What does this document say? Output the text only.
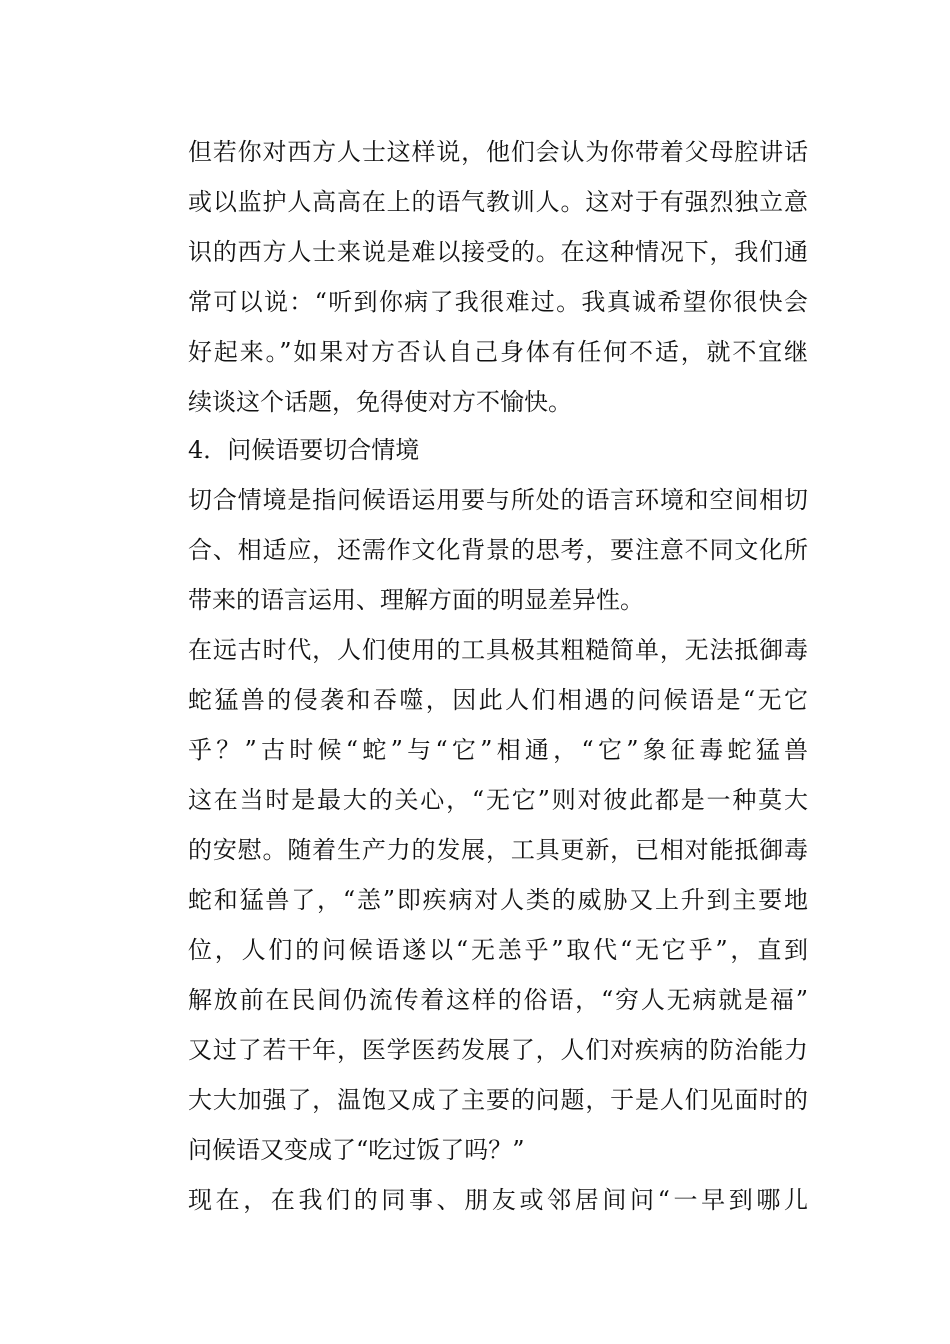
但若你对西方人士这样说，他们会认为你带着父母腔讲话
或以监护人高高在上的语气教训人。这对于有强烈独立意
识的西方人士来说是难以接受的。在这种情况下，我们通
常可以说：“听到你病了我很难过。我真诚希望你很快会
好起来。”如果对方否认自己身体有任何不适，就不宜继
续谈这个话题，免得使对方不愉快。
4．问候语要切合情境
切合情境是指问候语运用要与所处的语言环境和空间相切
合、相适应，还需作文化背景的思考，要注意不同文化所
带来的语言运用、理解方面的明显差异性。
在远古时代，人们使用的工具极其粗糙简单，无法抵御毒
蛇猛兽的侵袭和吞噬，因此人们相遇的问候语是“无它
乎？”古时候“蛇”与“它”相通，“它”象征毒蛇猛兽
这在当时是最大的关心，“无它”则对彼此都是一种莫大
的安慰。随着生产力的发展，工具更新，已相对能抵御毒
蛇和猛兽了，“恙”即疾病对人类的威胁又上升到主要地
位，人们的问候语遂以“无恙乎”取代“无它乎”，直到
解放前在民间仍流传着这样的俗语，“穷人无病就是福”
又过了若干年，医学医药发展了，人们对疾病的防治能力
大大加强了，温饱又成了主要的问题，于是人们见面时的
问候语又变成了“吃过饭了吗？”
现在，在我们的同事、朋友或邻居间问“一早到哪儿
